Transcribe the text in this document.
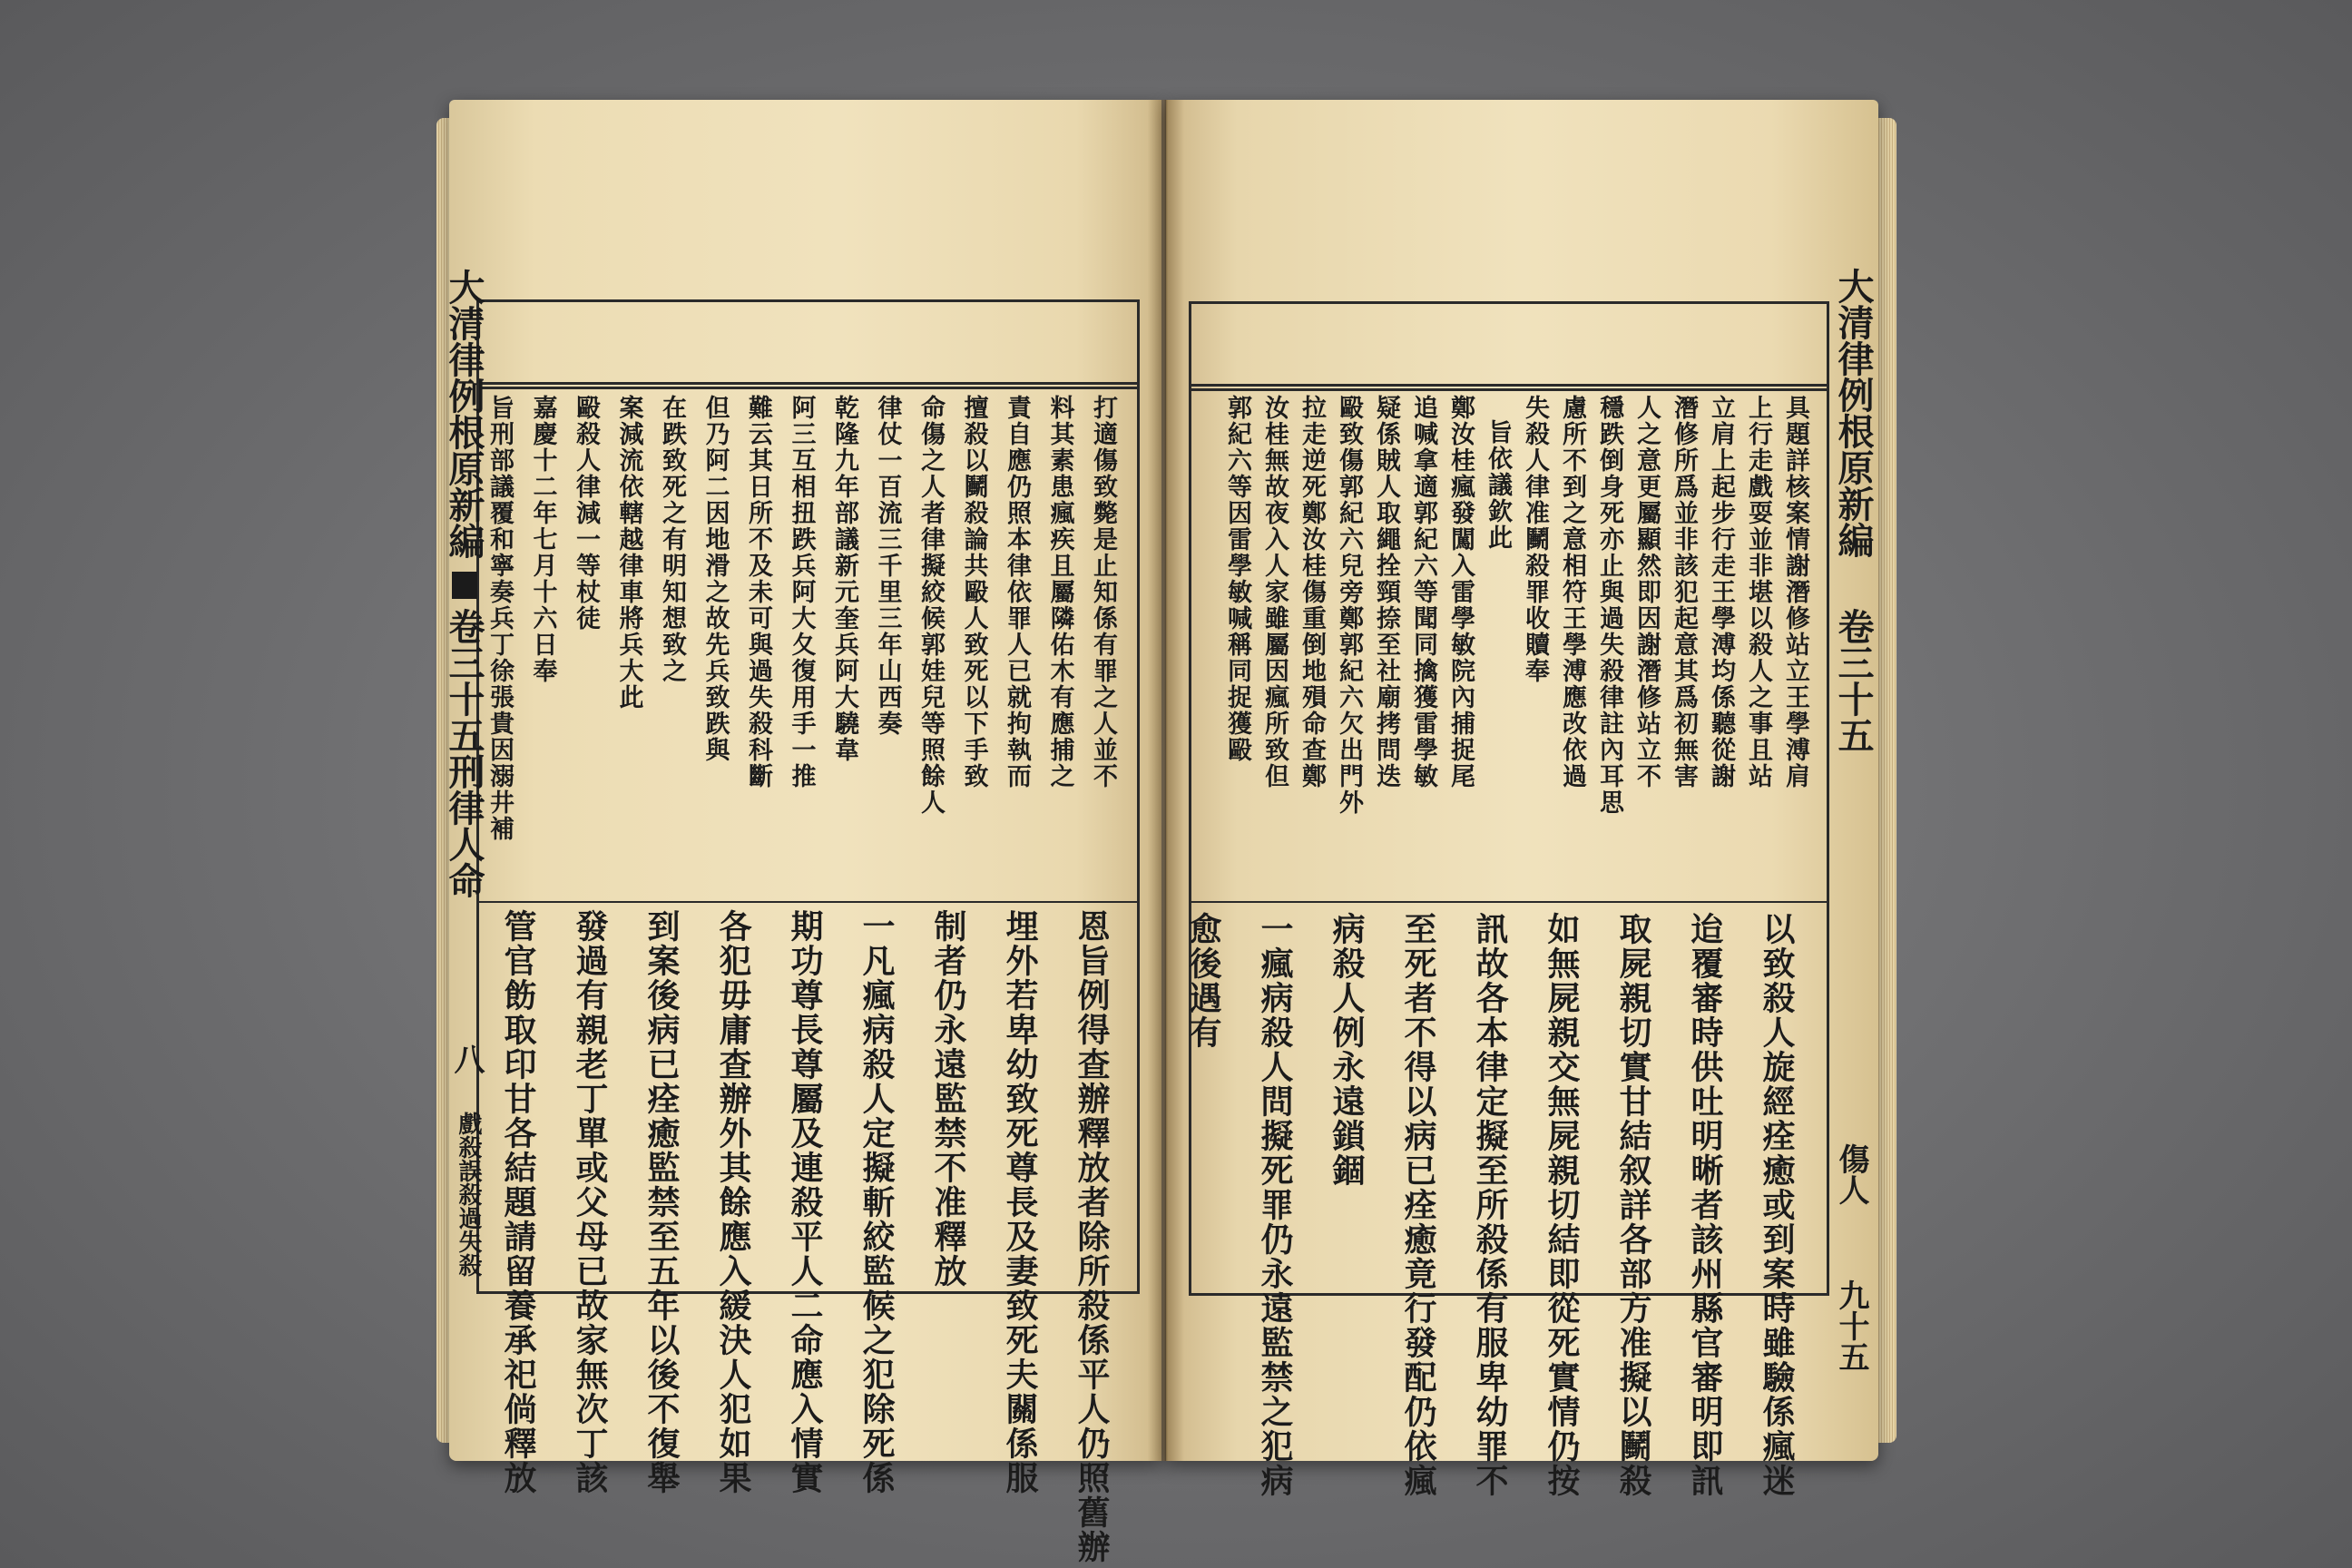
大清律例根原新編
卷三十五刑律人命 旨刑部議覆和寧奏兵丁徐張貴因溺井補 嘉慶十二年七月十六日奉 毆殺人律減一等杖徒 案減流依轄越律車將兵大此 在跌致死之有明知想致之 但乃阿二因地滑之故先兵致跌與 難云其日所不及未可與過失殺科斷 阿三互相扭跌兵阿大夂復用手一推 乾隆九年部議新元奎兵阿大驍韋 律仗一百流三千里三年山西奏 命傷之人者律擬絞候郭娃兒等照餘人 擅殺以鬭殺論共毆人致死以下手致 責自應仍照本律依罪人已就拘執而 料其素患瘋疾且屬隣佑木有應捕之 打適傷致斃是止知係有罪之人並不
恩旨例得查辦釋放者除所殺係平人仍照舊辦
埋外若卑幼致死尊長及妻致死夫關係服
制者仍永遠監禁不准釋放
一凡瘋病殺人定擬斬絞監候之犯除死係
期功尊長尊屬及連殺平人二命應入情實
各犯毋庸查辦外其餘應入緩決人犯如果
到案後病已痊癒監禁至五年以後不復舉
發過有親老丁單或父母已故家無次丁該
管官飭取印甘各結題請留養承祀倘釋放
八
戲殺誤殺過失殺
大清律例根原新編
卷三十五
傷人
九十五
具題詳核案情謝潛修站立王學溥肩
上行走戲耍並非堪以殺人之事且站
立肩上起步行走王學溥均係聽從謝
潛修所爲並非該犯起意其爲初無害
人之意更屬顯然即因謝潛修站立不
穩跌倒身死亦止與過失殺律註內耳思
慮所不到之意相符王學溥應改依過
失殺人律准鬭殺罪收贖奉
旨依議欽此
鄭汝桂瘋發闖入雷學敏院內捕捉尾
追喊拿適郭紀六等聞同擒獲雷學敏
疑係賊人取繩拴頸捺至社廟拷問迭
毆致傷郭紀六兒旁鄭郭紀六欠出門外
拉走逆死鄭汝桂傷重倒地殞命查鄭
汝桂無故夜入人家雖屬因瘋所致但
郭紀六等因雷學敏喊稱同捉獲毆
以致殺人旋經痊癒或到案時雖驗係瘋迷
迨覆審時供吐明晰者該州縣官審明即訊
取屍親切實甘結叙詳各部方准擬以鬭殺
如無屍親交無屍親切結即從死實情仍按
訊故各本律定擬至所殺係有服卑幼罪不
至死者不得以病已痊癒竟行發配仍依瘋
病殺人例永遠鎖錮
一瘋病殺人問擬死罪仍永遠監禁之犯病
愈後遇有
